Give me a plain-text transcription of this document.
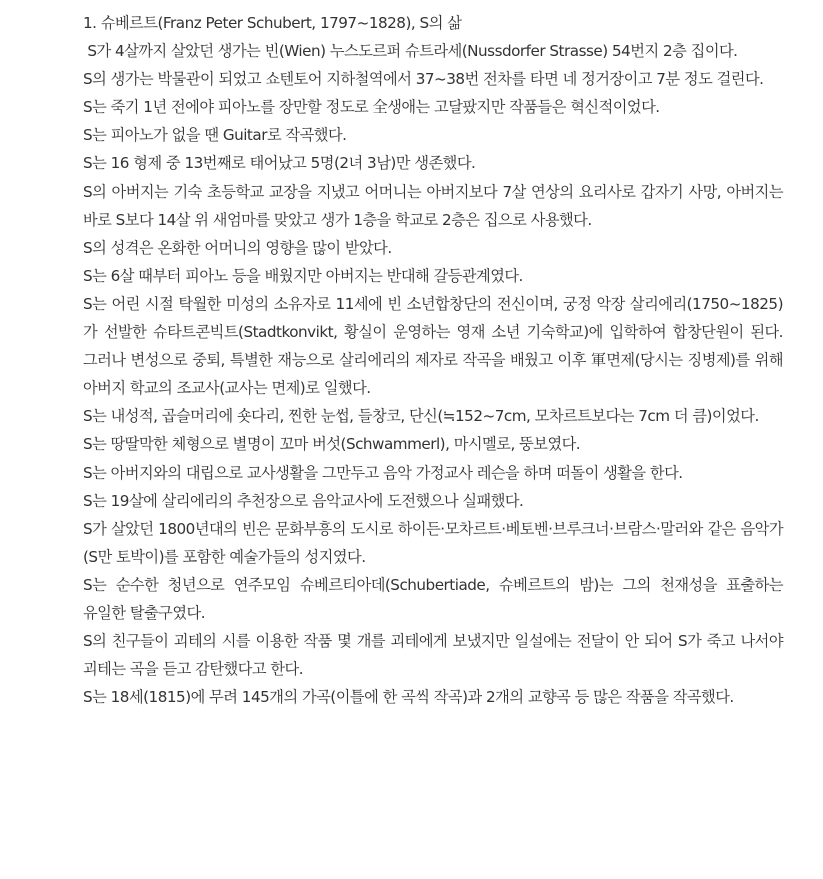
1. 슈베르트(Franz Peter Schubert, 1797~1828), S의 삶

S가 4살까지 살았던 생가는 빈(Wien) 누스도르퍼 슈트라세(Nussdorfer Strasse) 54번지 2층 집이다.

S의 생가는 박물관이 되었고 쇼텐토어 지하철역에서 37~38번 전차를 타면 네 정거장이고 7분 정도 걸린다.

S는 죽기 1년 전에야 피아노를 장만할 정도로 全생애는 고달팠지만 작품들은 혁신적이었다.

S는 피아노가 없을 땐 Guitar로 작곡했다.

S는 16 형제 중 13번째로 태어났고 5명(2녀 3남)만 생존했다.

S의 아버지는 기숙 초등학교 교장을 지냈고 어머니는 아버지보다 7살 연상의 요리사로 갑자기 사망, 아버지는 바로 S보다 14살 위 새엄마를 맞았고 생가 1층을 학교로 2층은 집으로 사용했다.

S의 성격은 온화한 어머니의 영향을 많이 받았다.

S는 6살 때부터 피아노 등을 배웠지만 아버지는 반대해 갈등관계였다.

S는 어린 시절 탁월한 미성의 소유자로 11세에 빈 소년합창단의 전신이며, 궁정 악장 살리에리(1750~1825)가 선발한 슈타트콘빅트(Stadtkonvikt, 황실이 운영하는 영재 소년 기숙학교)에 입학하여 합창단원이 된다. 그러나 변성으로 중퇴, 특별한 재능으로 살리에리의 제자로 작곡을 배웠고 이후 軍면제(당시는 징병제)를 위해 아버지 학교의 조교사(교사는 면제)로 일했다.

S는 내성적, 곱슬머리에 숏다리, 찐한 눈썹, 들창코, 단신(≒152~7cm, 모차르트보다는 7cm 더 큼)이었다.

S는 땅딸막한 체형으로 별명이 꼬마 버섯(Schwammerl), 마시멜로, 뚱보였다.

S는 아버지와의 대립으로 교사생활을 그만두고 음악 가정교사 레슨을 하며 떠돌이 생활을 한다.

S는 19살에 살리에리의 추천장으로 음악교사에 도전했으나 실패했다.

S가 살았던 1800년대의 빈은 문화부흥의 도시로 하이든·모차르트·베토벤·브루크너·브람스·말러와 같은 음악가(S만 토박이)를 포함한 예술가들의 성지였다.

S는 순수한 청년으로 연주모임 슈베르티아데(Schubertiade, 슈베르트의 밤)는 그의 천재성을 표출하는 유일한 탈출구였다.

S의 친구들이 괴테의 시를 이용한 작품 몇 개를 괴테에게 보냈지만 일설에는 전달이 안 되어 S가 죽고 나서야 괴테는 곡을 듣고 감탄했다고 한다.

S는 18세(1815)에 무려 145개의 가곡(이틀에 한 곡씩 작곡)과 2개의 교향곡 등 많은 작품을 작곡했다.
